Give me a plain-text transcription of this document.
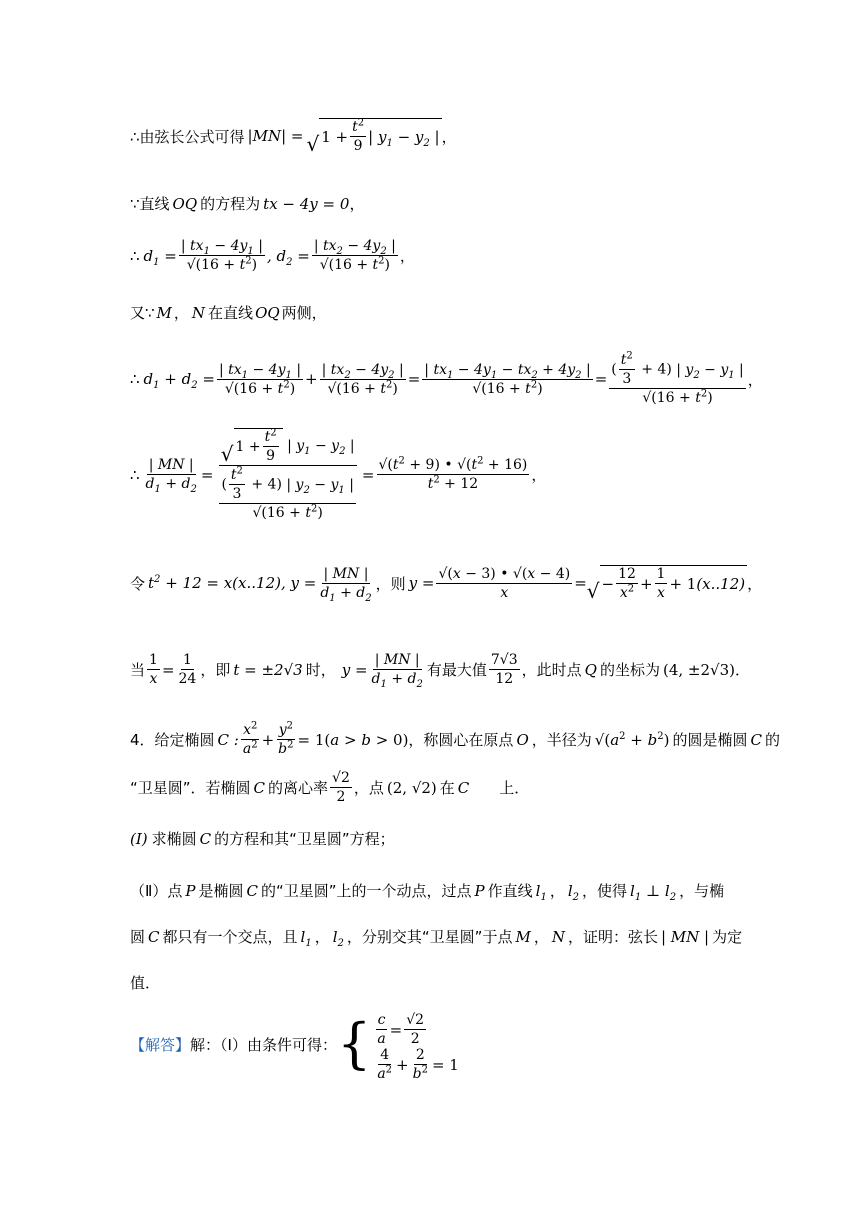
∴由弦长公式可得 |MN| = √ $1 + \frac{t^2}{9}$ | $y_1 - y_2$ | ，
∵直线 OQ 的方程为 tx − 4y = 0 ，
∴ $d_1 = \frac{| tx_1 - 4y_1 |}{√(16 + t^2)}$ , $d_2 = \frac{| tx_2 - 4y_2 |}{√(16 + t^2)}$ ，
又∵ M ， N 在直线 OQ 两侧，
∴ $d_1 + d_2 = \frac{| tx_1 - 4y_1 |}{√(16 + t^2)} + \frac{| tx_2 - 4y_2 |}{√(16 + t^2)} = \frac{| tx_1 - 4y_1 - tx_2 + 4y_2 |}{√(16 + t^2)} = \frac{( \frac{t^2}{3} + 4) | y_2 - y_1 |}{√(16 + t^2)}$ ，
∴ $\frac{| MN |}{d_1 + d_2} = \frac{√ 1 + \frac{t^2}{9} | y_1 - y_2 |}{\frac{( \frac{t^2}{3} + 4) | y_2 - y_1 |}{√(16 + t^2)}} = \frac{√(t^2 + 9) • √(t^2 + 16)}{t^2 + 12}$ ，
令 $t^2 + 12 = x(x..12)$, $y = \frac{| MN |}{d_1 + d_2}$ ，则 $y = \frac{√(x - 3) • √(x - 4)}{x}$ = √ − $\frac{12}{x^2} + \frac{1}{x} + 1$ (x..12) ，
当 $\frac{1}{x} = \frac{1}{24}$ ，即 t = ±2√3 时， $y = \frac{| MN |}{d_1 + d_2}$ 有最大值 $\frac{7√3}{12}$ ，此时点 Q 的坐标为 (4, ±2√3) ．
4．给定椭圆 C : $\frac{x^2}{a^2} + \frac{y^2}{b^2} = 1(a > b > 0)$ ，称圆心在原点 O ，半径为 $√(a^2 + b^2)$ 的圆是椭圆 C 的
“卫星圆”．若椭圆 C 的离心率 $\frac{√2}{2}$ ，点 (2, √2) 在 C 上．
(I) 求椭圆 C 的方程和其“卫星圆”方程；
（Ⅱ）点 P 是椭圆 C 的“卫星圆”上的一个动点，过点 P 作直线 $l_1$ ， $l_2$ ，使得 $l_1$ ⊥ $l_2$ ，与椭
圆 C 都只有一个交点，且 $l_1$ ， $l_2$ ，分别交其“卫星圆”于点 M ， N ，证明：弦长 | MN | 为定
值．
【解答】 解：（Ⅰ）由条件可得： { $\frac{c}{a} = \frac{√2}{2}$
$\frac{4}{a^2} + \frac{2}{b^2} = 1$
